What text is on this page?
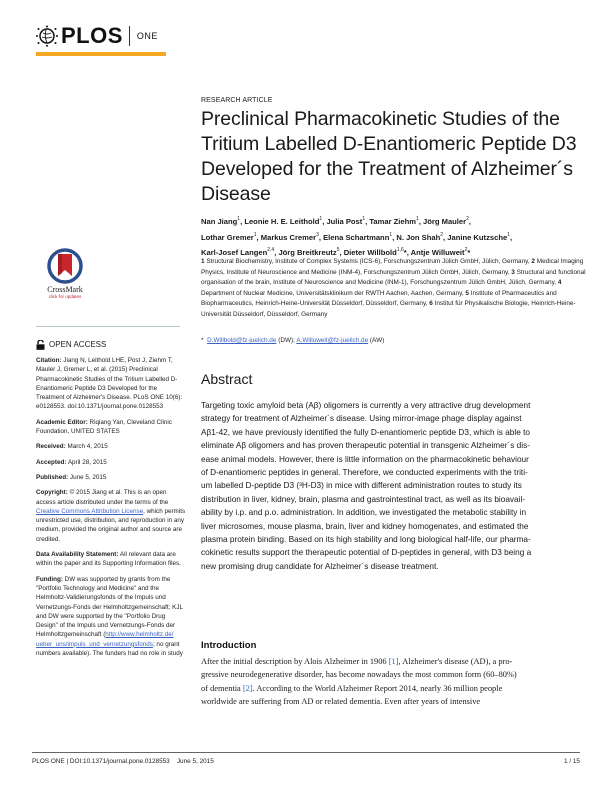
PLOS ONE
CrossMark
click for updates
OPEN ACCESS

Citation: Jiang N, Leithold LHE, Post J, Ziehm T,
Mauler J, Gremer L, et al. (2015) Preclinical
Pharmacokinetic Studies of the Tritium Labelled D-
Enantiomeric Peptide D3 Developed for the
Treatment of Alzheimer's Disease. PLoS ONE 10(6):
e0128553. doi:10.1371/journal.pone.0128553

Academic Editor: Riqiang Yan, Cleveland Clinic
Foundation, UNITED STATES

Received: March 4, 2015

Accepted: April 28, 2015

Published: June 5, 2015

Copyright: © 2015 Jiang et al. This is an open
access article distributed under the terms of the
Creative Commons Attribution License, which permits
unrestricted use, distribution, and reproduction in any
medium, provided the original author and source are
credited.

Data Availability Statement: All relevant data are
within the paper and its Supporting Information files.

Funding: DW was supported by grants from the
"Portfolio Technology and Medicine" and the
Helmholtz-Validierungsfonds of the Impuls und
Vernetzungs-Fonds der Helmholtzgemeinschaft; KJL
and DW were supported by the "Portfolio Drug
Design" of the Impuls und Vernetzungs-Fonds der
Helmholtzgemeinschaft (http://www.helmholtz.de/
ueber_uns/impuls_und_vernetzungsfonds; no grant
numbers available). The funders had no role in study

RESEARCH ARTICLE
Preclinical Pharmacokinetic Studies of the
Tritium Labelled D-Enantiomeric Peptide D3
Developed for the Treatment of Alzheimer´s
Disease
Nan Jiang$^1$, Leonie H. E. Leithold$^1$, Julia Post$^1$, Tamar Ziehm$^1$, Jörg Mauler$^2$,
Lothar Gremer$^1$, Markus Cremer$^3$, Elena Schartmann$^1$, N. Jon Shah$^2$, Janine Kutzsche$^1$,
Karl-Josef Langen$^{2,4}$, Jörg Breitkreutz$^5$, Dieter Willbold$^{1,6}$*, Antje Willuweit$^2$*
1 Structural Biochemistry, Institute of Complex Systems (ICS-6), Forschungszentrum Jülich GmbH, Jülich, Germany, 2 Medical Imaging Physics, Institute of Neuroscience and Medicine (INM-4), Forschungszentrum Jülich GmbH, Jülich, Germany, 3 Structural and functional organisation of the brain, Institute of Neuroscience and Medicine (INM-1), Forschungszentrum Jülich GmbH, Jülich, Germany, 4 Department of Nuclear Medicine, Universitätsklinikum der RWTH Aachen, Aachen, Germany, 5 Institute of Pharmaceutics and Biopharmaceutics, Heinrich-Heine-Universität Düsseldorf, Düsseldorf, Germany, 6 Institut für Physikalische Biologie, Heinrich-Heine-Universität Düsseldorf, Düsseldorf, Germany
* D.Willbold@fz-juelich.de (DW); A.Willuweit@fz-juelich.de (AW)
Abstract
Targeting toxic amyloid beta (Aβ) oligomers is currently a very attractive drug development
strategy for treatment of Alzheimer´s disease. Using mirror-image phage display against
Aβ1-42, we have previously identified the fully D-enantiomeric peptide D3, which is able to
eliminate Aβ oligomers and has proven therapeutic potential in transgenic Alzheimer´s dis-
ease animal models. However, there is little information on the pharmacokinetic behaviour
of D-enantiomeric peptides in general. Therefore, we conducted experiments with the triti-
um labelled D-peptide D3 (³H-D3) in mice with different administration routes to study its
distribution in liver, kidney, brain, plasma and gastrointestinal tract, as well as its bioavail-
ability by i.p. and p.o. administration. In addition, we investigated the metabolic stability in
liver microsomes, mouse plasma, brain, liver and kidney homogenates, and estimated the
plasma protein binding. Based on its high stability and long biological half-life, our pharma-
cokinetic results support the therapeutic potential of D-peptides in general, with D3 being a
new promising drug candidate for Alzheimer´s disease treatment.
Introduction
After the initial description by Alois Alzheimer in 1906 [1], Alzheimer's disease (AD), a pro-
gressive neurodegenerative disorder, has become nowadays the most common form (60–80%)
of dementia [2]. According to the World Alzheimer Report 2014, nearly 36 million people
worldwide are suffering from AD or related dementia. Even after years of intensive
PLOS ONE | DOI:10.1371/journal.pone.0128553    June 5, 2015	1 / 15
